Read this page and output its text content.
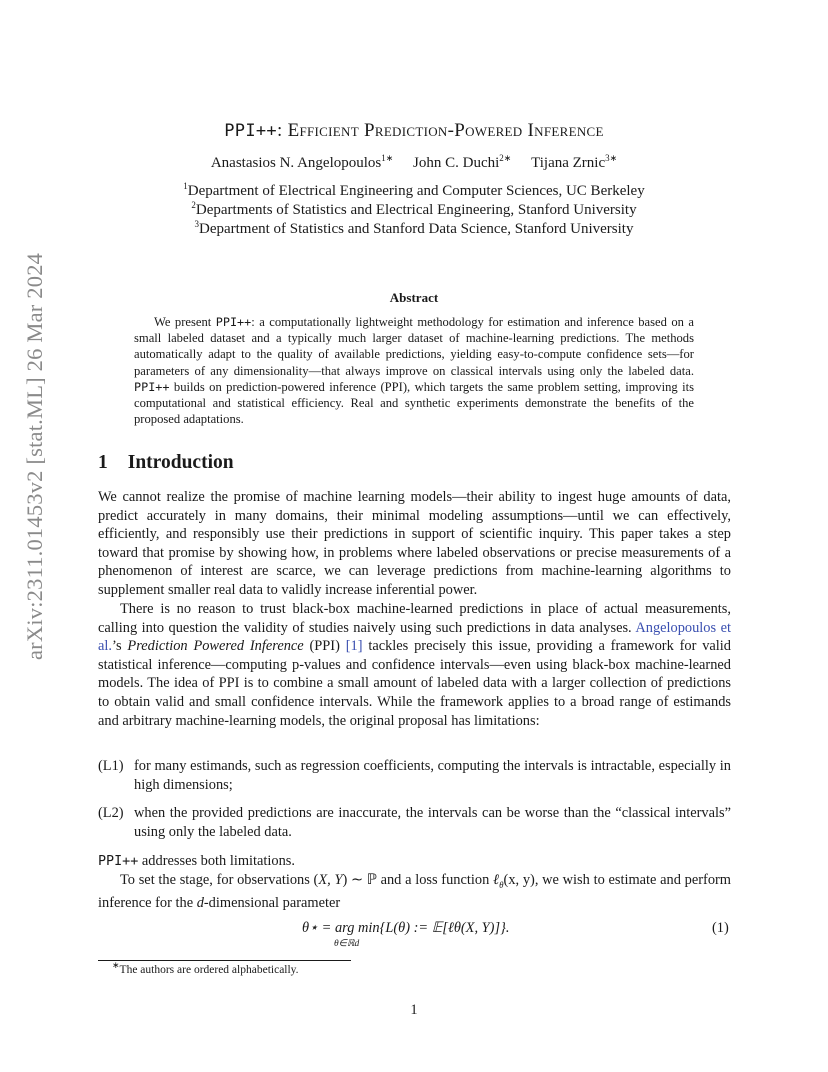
arXiv:2311.01453v2 [stat.ML] 26 Mar 2024
PPI++: Efficient Prediction-Powered Inference
Anastasios N. Angelopoulos$^{1∗}$ John C. Duchi$^{2∗}$ Tijana Zrnic$^{3∗}$
$^1$Department of Electrical Engineering and Computer Sciences, UC Berkeley
$^2$Departments of Statistics and Electrical Engineering, Stanford University
$^3$Department of Statistics and Stanford Data Science, Stanford University
Abstract
We present PPI++: a computationally lightweight methodology for estimation and inference based on a small labeled dataset and a typically much larger dataset of machine-learning predictions. The methods automatically adapt to the quality of available predictions, yielding easy-to-compute confidence sets—for parameters of any dimensionality—that always improve on classical intervals using only the labeled data. PPI++ builds on prediction-powered inference (PPI), which targets the same problem setting, improving its computational and statistical efficiency. Real and synthetic experiments demonstrate the benefits of the proposed adaptations.
1 Introduction
We cannot realize the promise of machine learning models—their ability to ingest huge amounts of data, predict accurately in many domains, their minimal modeling assumptions—until we can effectively, efficiently, and responsibly use their predictions in support of scientific inquiry. This paper takes a step toward that promise by showing how, in problems where labeled observations or precise measurements of a phenomenon of interest are scarce, we can leverage predictions from machine-learning algorithms to supplement smaller real data to validly increase inferential power.
There is no reason to trust black-box machine-learned predictions in place of actual measurements, calling into question the validity of studies naively using such predictions in data analyses. Angelopoulos et al.’s Prediction Powered Inference (PPI) [1] tackles precisely this issue, providing a framework for valid statistical inference—computing p-values and confidence intervals—even using black-box machine-learned models. The idea of PPI is to combine a small amount of labeled data with a larger collection of predictions to obtain valid and small confidence intervals. While the framework applies to a broad range of estimands and arbitrary machine-learning models, the original proposal has limitations:
(L1) for many estimands, such as regression coefficients, computing the intervals is intractable, especially in high dimensions;
(L2) when the provided predictions are inaccurate, the intervals can be worse than the “classical intervals” using only the labeled data.
PPI++ addresses both limitations.
To set the stage, for observations (X, Y) ∼ ℙ and a loss function ℓ$_\theta$(x, y), we wish to estimate and perform inference for the d-dimensional parameter
θ⋆ = arg min{L(θ) := 𝔼[ℓθ(X, Y)]}.
θ∈ℝd
(1)
∗The authors are ordered alphabetically.
1
